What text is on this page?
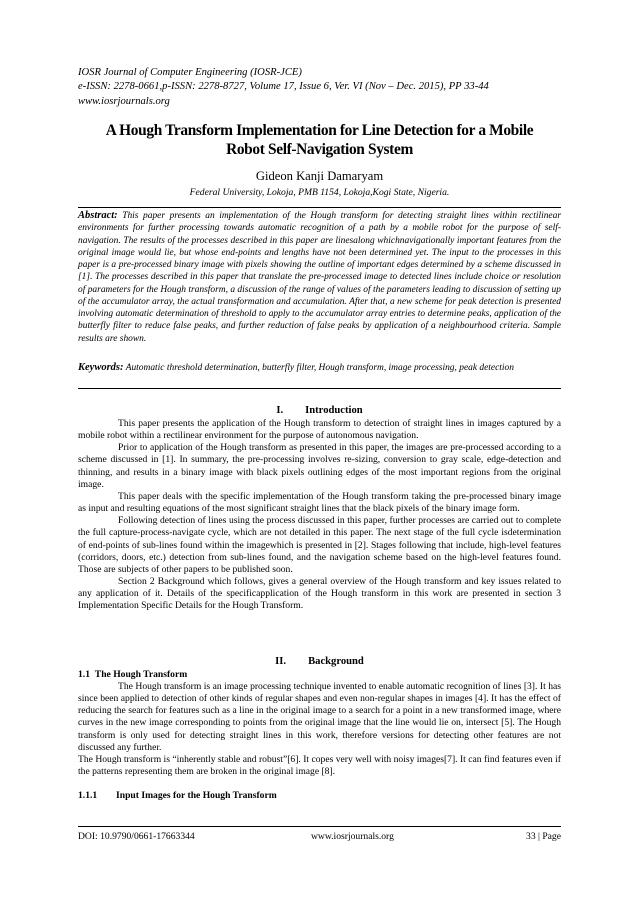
IOSR Journal of Computer Engineering (IOSR-JCE)
e-ISSN: 2278-0661,p-ISSN: 2278-8727, Volume 17, Issue 6, Ver. VI (Nov – Dec. 2015), PP 33-44
www.iosrjournals.org
A Hough Transform Implementation for Line Detection for a Mobile
Robot Self-Navigation System
Gideon Kanji Damaryam
Federal University, Lokoja, PMB 1154, Lokoja,Kogi State, Nigeria.
Abstract: This paper presents an implementation of the Hough transform for detecting straight lines within rectilinear environments for further processing towards automatic recognition of a path by a mobile robot for the purpose of self-navigation. The results of the processes described in this paper are linesalong whichnavigationally important features from the original image would lie, but whose end-points and lengths have not been determined yet. The input to the processes in this paper is a pre-processed binary image with pixels showing the outline of important edges determined by a scheme discussed in [1]. The processes described in this paper that translate the pre-processed image to detected lines include choice or resolution of parameters for the Hough transform, a discussion of the range of values of the parameters leading to discussion of setting up of the accumulator array, the actual transformation and accumulation. After that, a new scheme for peak detection is presented involving automatic determination of threshold to apply to the accumulator array entries to determine peaks, application of the butterfly filter to reduce false peaks, and further reduction of false peaks by application of a neighbourhood criteria. Sample results are shown.
Keywords: Automatic threshold determination, butterfly filter, Hough transform, image processing, peak detection
I. Introduction

This paper presents the application of the Hough transform to detection of straight lines in images captured by a mobile robot within a rectilinear environment for the purpose of autonomous navigation.

Prior to application of the Hough transform as presented in this paper, the images are pre-processed according to a scheme discussed in [1]. In summary, the pre-processing involves re-sizing, conversion to gray scale, edge-detection and thinning, and results in a binary image with black pixels outlining edges of the most important regions from the original image.

This paper deals with the specific implementation of the Hough transform taking the pre-processed binary image as input and resulting equations of the most significant straight lines that the black pixels of the binary image form.

Following detection of lines using the process discussed in this paper, further processes are carried out to complete the full capture-process-navigate cycle, which are not detailed in this paper. The next stage of the full cycle isdetermination of end-points of sub-lines found within the imagewhich is presented in [2]. Stages following that include, high-level features (corridors, doors, etc.) detection from sub-lines found, and the navigation scheme based on the high-level features found. Those are subjects of other papers to be published soon.

Section 2 Background which follows, gives a general overview of the Hough transform and key issues related to any application of it. Details of the specificapplication of the Hough transform in this work are presented in section 3 Implementation Specific Details for the Hough Transform.

II. Background
1.1 The Hough Transform

The Hough transform is an image processing technique invented to enable automatic recognition of lines [3]. It has since been applied to detection of other kinds of regular shapes and even non-regular shapes in images [4]. It has the effect of reducing the search for features such as a line in the original image to a search for a point in a new transformed image, where curves in the new image corresponding to points from the original image that the line would lie on, intersect [5]. The Hough transform is only used for detecting straight lines in this work, therefore versions for detecting other features are not discussed any further.

The Hough transform is “inherently stable and robust”[6]. It copes very well with noisy images[7]. It can find features even if the patterns representing them are broken in the original image [8].

1.1.1 Input Images for the Hough Transform
DOI: 10.9790/0661-17663344	www.iosrjournals.org	33 | Page
